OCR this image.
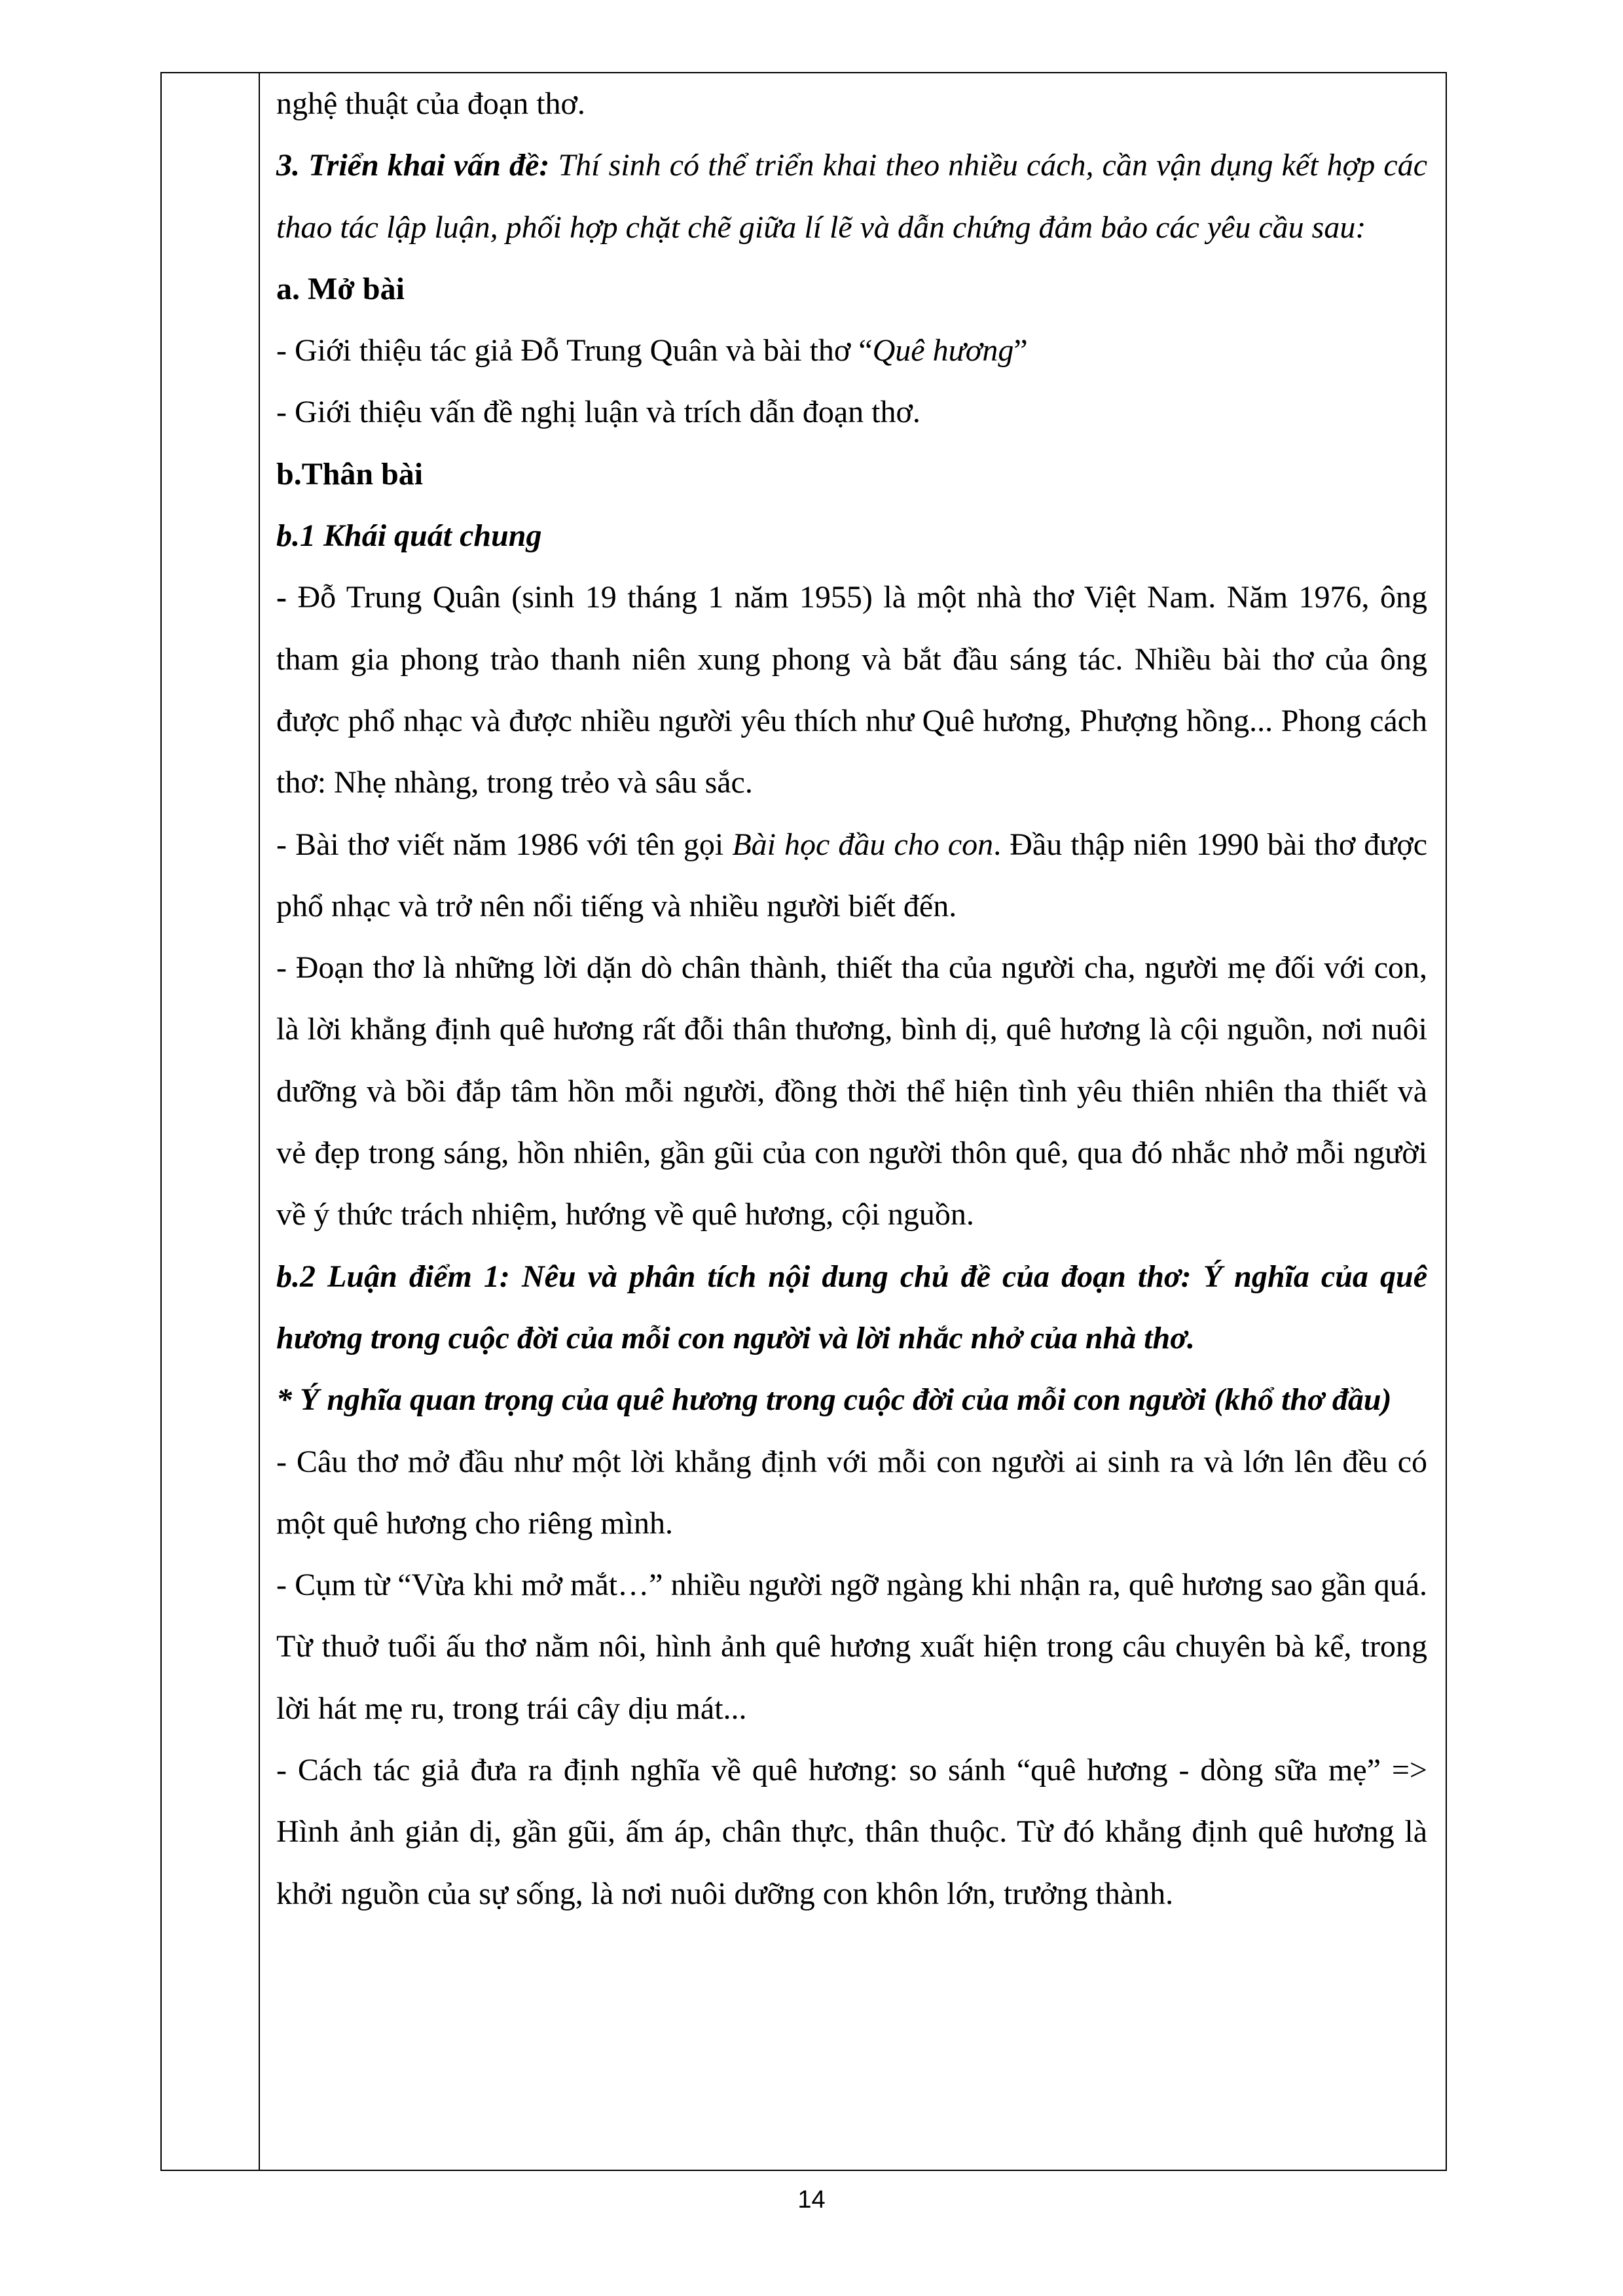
nghệ thuật của đoạn thơ.

3. Triển khai vấn đề: Thí sinh có thể triển khai theo nhiều cách, cần vận dụng kết hợp các thao tác lập luận, phối hợp chặt chẽ giữa lí lẽ và dẫn chứng đảm bảo các yêu cầu sau:

a. Mở bài

- Giới thiệu tác giả Đỗ Trung Quân và bài thơ “Quê hương”

- Giới thiệu vấn đề nghị luận và trích dẫn đoạn thơ.

b.Thân bài

b.1 Khái quát chung

- Đỗ Trung Quân (sinh 19 tháng 1 năm 1955) là một nhà thơ Việt Nam. Năm 1976, ông tham gia phong trào thanh niên xung phong và bắt đầu sáng tác. Nhiều bài thơ của ông được phổ nhạc và được nhiều người yêu thích như Quê hương, Phượng hồng... Phong cách thơ: Nhẹ nhàng, trong trẻo và sâu sắc.

- Bài thơ viết năm 1986 với tên gọi Bài học đầu cho con. Đầu thập niên 1990 bài thơ được phổ nhạc và trở nên nổi tiếng và nhiều người biết đến.

- Đoạn thơ là những lời dặn dò chân thành, thiết tha của người cha, người mẹ đối với con, là lời khẳng định quê hương rất đỗi thân thương, bình dị, quê hương là cội nguồn, nơi nuôi dưỡng và bồi đắp tâm hồn mỗi người, đồng thời thể hiện tình yêu thiên nhiên tha thiết và vẻ đẹp trong sáng, hồn nhiên, gần gũi của con người thôn quê, qua đó nhắc nhở mỗi người về ý thức trách nhiệm, hướng về quê hương, cội nguồn.

b.2 Luận điểm 1: Nêu và phân tích nội dung chủ đề của đoạn thơ: Ý nghĩa của quê hương trong cuộc đời của mỗi con người và lời nhắc nhở của nhà thơ.

* Ý nghĩa quan trọng của quê hương trong cuộc đời của mỗi con người (khổ thơ đầu)

- Câu thơ mở đầu như một lời khẳng định với mỗi con người ai sinh ra và lớn lên đều có một quê hương cho riêng mình.

- Cụm từ “Vừa khi mở mắt…” nhiều người ngỡ ngàng khi nhận ra, quê hương sao gần quá. Từ thuở tuổi ấu thơ nằm nôi, hình ảnh quê hương xuất hiện trong câu chuyên bà kể, trong lời hát mẹ ru, trong trái cây dịu mát...

- Cách tác giả đưa ra định nghĩa về quê hương: so sánh “quê hương - dòng sữa mẹ” => Hình ảnh giản dị, gần gũi, ấm áp, chân thực, thân thuộc. Từ đó khẳng định quê hương là khởi nguồn của sự sống, là nơi nuôi dưỡng con khôn lớn, trưởng thành.

14
